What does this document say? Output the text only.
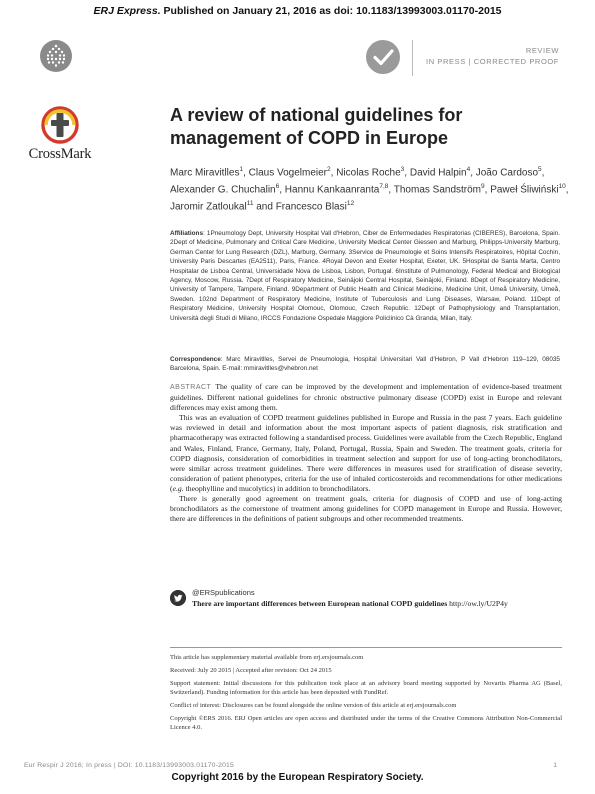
ERJ Express. Published on January 21, 2016 as doi: 10.1183/13993003.01170-2015
REVIEW
IN PRESS | CORRECTED PROOF
CrossMark
A review of national guidelines for management of COPD in Europe
Marc Miravitlles$^1$, Claus Vogelmeier$^2$, Nicolas Roche$^3$, David Halpin$^4$, João Cardoso$^5$, Alexander G. Chuchalin$^6$, Hannu Kankaanranta$^{7,8}$, Thomas Sandström$^9$, Paweł Śliwiński$^{10}$, Jaromir Zatloukal$^{11}$ and Francesco Blasi$^{12}$
Affiliations: 1Pneumology Dept, University Hospital Vall d'Hebron, Ciber de Enfermedades Respiratorias (CIBERES), Barcelona, Spain. 2Dept of Medicine, Pulmonary and Critical Care Medicine, University Medical Center Giessen and Marburg, Philipps-University Marburg, German Center for Lung Research (DZL), Marburg, Germany. 3Service de Pneumologie et Soins Intensifs Respiratoires, Hôpital Cochin, University Paris Descartes (EA2511), Paris, France. 4Royal Devon and Exeter Hospital, Exeter, UK. 5Hospital de Santa Marta, Centro Hospitalar de Lisboa Central, Universidade Nova de Lisboa, Lisbon, Portugal. 6Institute of Pulmonology, Federal Medical and Biological Agency, Moscow, Russia. 7Dept of Respiratory Medicine, Seinäjoki Central Hospital, Seinäjoki, Finland. 8Dept of Respiratory Medicine, University of Tampere, Tampere, Finland. 9Department of Public Health and Clinical Medicine, Medicine Unit, Umeå University, Umeå, Sweden. 102nd Department of Respiratory Medicine, Institute of Tuberculosis and Lung Diseases, Warsaw, Poland. 11Dept of Respiratory Medicine, University Hospital Olomouc, Olomouc, Czech Republic. 12Dept of Pathophysiology and Transplantation, Università degli Studi di Milano, IRCCS Fondazione Ospedale Maggiore Policlinico Cà Granda, Milan, Italy.
Correspondence: Marc Miravitlles, Servei de Pneumologia, Hospital Universitari Vall d'Hebron, P Vall d'Hebron 119–129, 08035 Barcelona, Spain. E-mail: mmiravitlles@vhebron.net

ABSTRACT The quality of care can be improved by the development and implementation of evidence-based treatment guidelines. Different national guidelines for chronic obstructive pulmonary disease (COPD) exist in Europe and relevant differences may exist among them.

This was an evaluation of COPD treatment guidelines published in Europe and Russia in the past 7 years. Each guideline was reviewed in detail and information about the most important aspects of patient diagnosis, risk stratification and pharmacotherapy was extracted following a standardised process. Guidelines were available from the Czech Republic, England and Wales, Finland, France, Germany, Italy, Poland, Portugal, Russia, Spain and Sweden. The treatment goals, criteria for COPD diagnosis, consideration of comorbidities in treatment selection and support for use of long-acting bronchodilators, were similar across treatment guidelines. There were differences in measures used for stratification of disease severity, consideration of patient phenotypes, criteria for the use of inhaled corticosteroids and recommendations for other medications (e.g. theophylline and mucolytics) in addition to bronchodilators.

There is generally good agreement on treatment goals, criteria for diagnosis of COPD and use of long-acting bronchodilators as the cornerstone of treatment among guidelines for COPD management in Europe and Russia. However, there are differences in the definitions of patient subgroups and other recommended treatments.

@ERSpublications
There are important differences between European national COPD guidelines http://ow.ly/U2P4y

This article has supplementary material available from erj.ersjournals.com

Received: July 20 2015 | Accepted after revision: Oct 24 2015

Support statement: Initial discussions for this publication took place at an advisory board meeting supported by Novartis Pharma AG (Basel, Switzerland). Funding information for this article has been deposited with FundRef.

Conflict of interest: Disclosures can be found alongside the online version of this article at erj.ersjournals.com

Copyright ©ERS 2016. ERJ Open articles are open access and distributed under the terms of the Creative Commons Attribution Non-Commercial Licence 4.0.

Eur Respir J 2016; In press | DOI: 10.1183/13993003.01170-2015	1
Copyright 2016 by the European Respiratory Society.
